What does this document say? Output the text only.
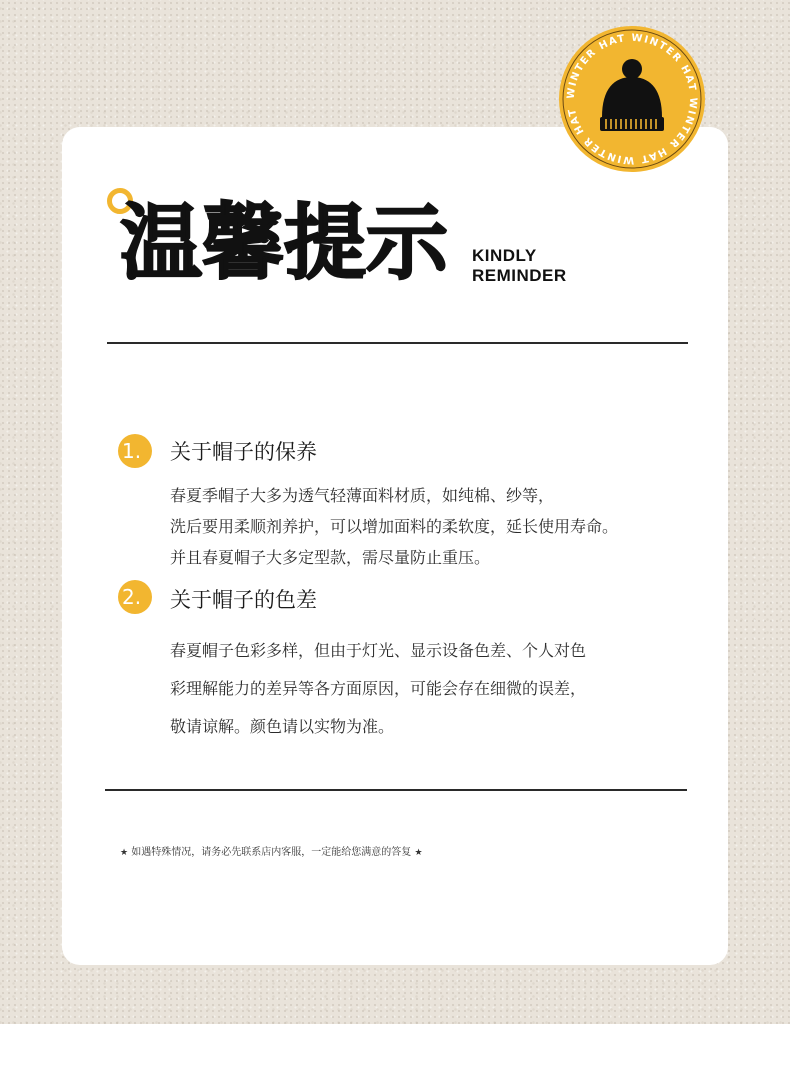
WINTER HAT WINTER HAT WINTER HAT WINTER HAT
温馨提示 KINDLY
REMINDER
1.	关于帽子的保养
春夏季帽子大多为透气轻薄面料材质，如纯棉、纱等，
洗后要用柔顺剂养护，可以增加面料的柔软度，延长使用寿命。
并且春夏帽子大多定型款，需尽量防止重压。
2.	关于帽子的色差
春夏帽子色彩多样，但由于灯光、显示设备色差、个人对色
彩理解能力的差异等各方面原因，可能会存在细微的误差，
敬请谅解。颜色请以实物为准。
★ 如遇特殊情况，请务必先联系店内客服，一定能给您满意的答复 ★
